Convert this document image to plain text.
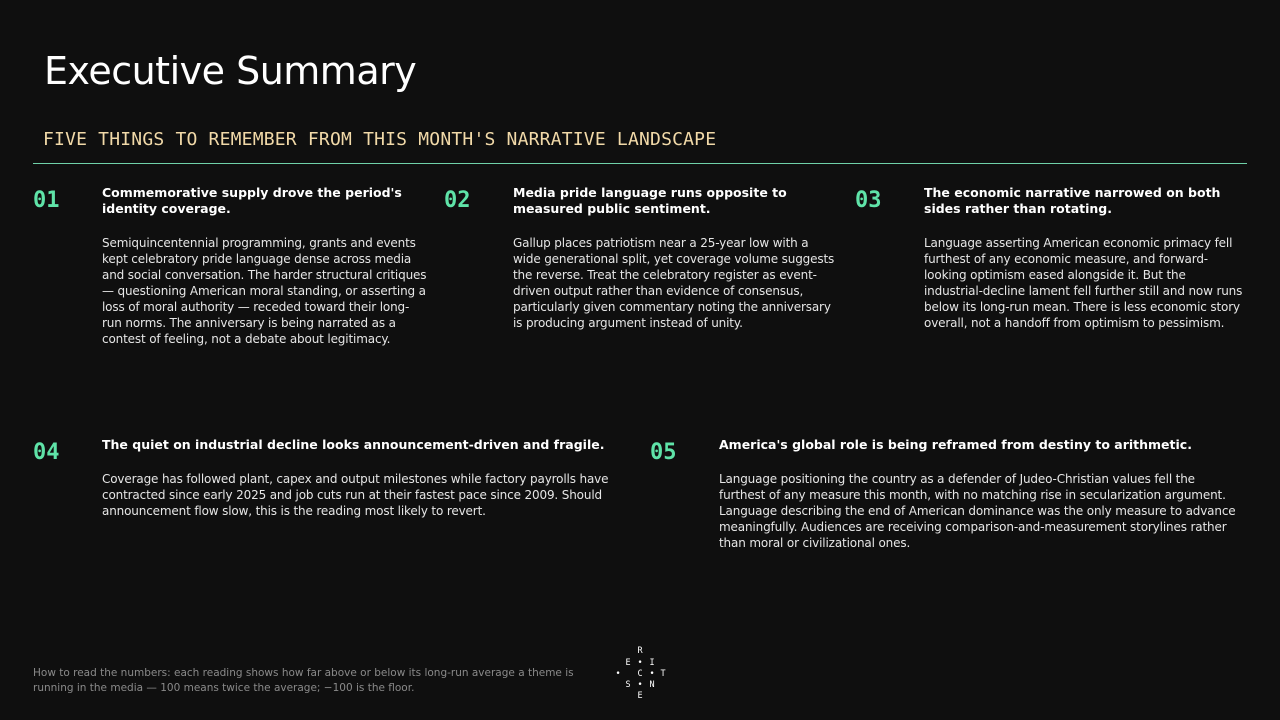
Executive Summary

FIVE THINGS TO REMEMBER FROM THIS MONTH'S NARRATIVE LANDSCAPE

01	Commemorative supply drove the period's identity coverage.

Semiquincentennial programming, grants and events kept celebratory pride language dense across media and social conversation. The harder structural critiques — questioning American moral standing, or asserting a loss of moral authority — receded toward their long-run norms. The anniversary is being narrated as a contest of feeling, not a debate about legitimacy.

02	Media pride language runs opposite to measured public sentiment.

Gallup places patriotism near a 25-year low with a wide generational split, yet coverage volume suggests the reverse. Treat the celebratory register as event-driven output rather than evidence of consensus, particularly given commentary noting the anniversary is producing argument instead of unity.

03	The economic narrative narrowed on both sides rather than rotating.

Language asserting American economic primacy fell furthest of any economic measure, and forward-looking optimism eased alongside it. But the industrial-decline lament fell further still and now runs below its long-run mean. There is less economic story overall, not a handoff from optimism to pessimism.

04	The quiet on industrial decline looks announcement-driven and fragile.

Coverage has followed plant, capex and output milestones while factory payrolls have contracted since early 2025 and job cuts run at their fastest pace since 2009. Should announcement flow slow, this is the reading most likely to revert.

05	America's global role is being reframed from destiny to arithmetic.

Language positioning the country as a defender of Judeo-Christian values fell the furthest of any measure this month, with no matching rise in secularization argument. Language describing the end of American dominance was the only measure to advance meaningfully. Audiences are receiving comparison-and-measurement storylines rather than moral or civilizational ones.

How to read the numbers: each reading shows how far above or below its long-run average a theme is running in the media — 100 means twice the average; −100 is the floor.

R
E • I
• C • T
S • N
E
